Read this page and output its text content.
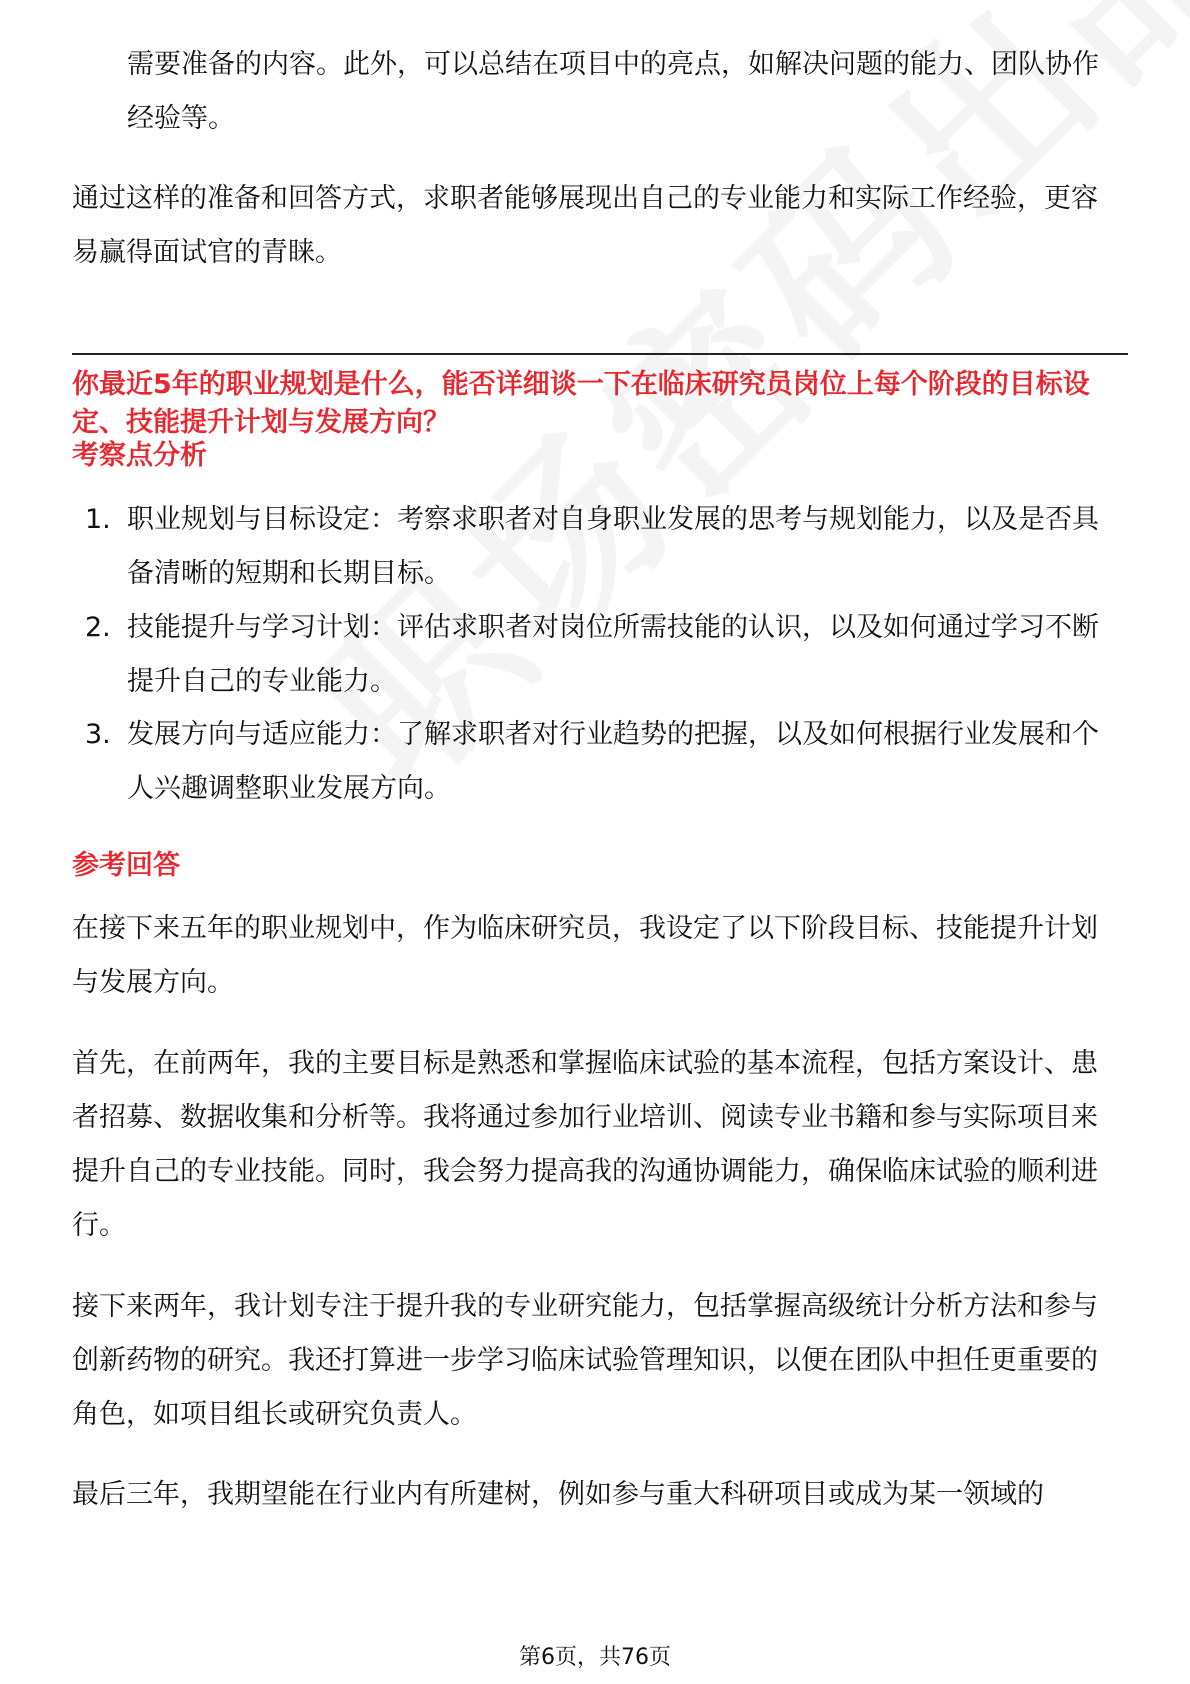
需要准备的内容。此外，可以总结在项目中的亮点，如解决问题的能力、团队协作经验等。
通过这样的准备和回答方式，求职者能够展现出自己的专业能力和实际工作经验，更容易赢得面试官的青睐。
你最近5年的职业规划是什么，能否详细谈一下在临床研究员岗位上每个阶段的目标设定、技能提升计划与发展方向？
考察点分析
1. 职业规划与目标设定：考察求职者对自身职业发展的思考与规划能力，以及是否具备清晰的短期和长期目标。
2. 技能提升与学习计划：评估求职者对岗位所需技能的认识，以及如何通过学习不断提升自己的专业能力。
3. 发展方向与适应能力：了解求职者对行业趋势的把握，以及如何根据行业发展和个人兴趣调整职业发展方向。
参考回答
在接下来五年的职业规划中，作为临床研究员，我设定了以下阶段目标、技能提升计划与发展方向。
首先，在前两年，我的主要目标是熟悉和掌握临床试验的基本流程，包括方案设计、患者招募、数据收集和分析等。我将通过参加行业培训、阅读专业书籍和参与实际项目来提升自己的专业技能。同时，我会努力提高我的沟通协调能力，确保临床试验的顺利进行。
接下来两年，我计划专注于提升我的专业研究能力，包括掌握高级统计分析方法和参与创新药物的研究。我还打算进一步学习临床试验管理知识，以便在团队中担任更重要的角色，如项目组长或研究负责人。
最后三年，我期望能在行业内有所建树，例如参与重大科研项目或成为某一领域的
第6页，共76页
